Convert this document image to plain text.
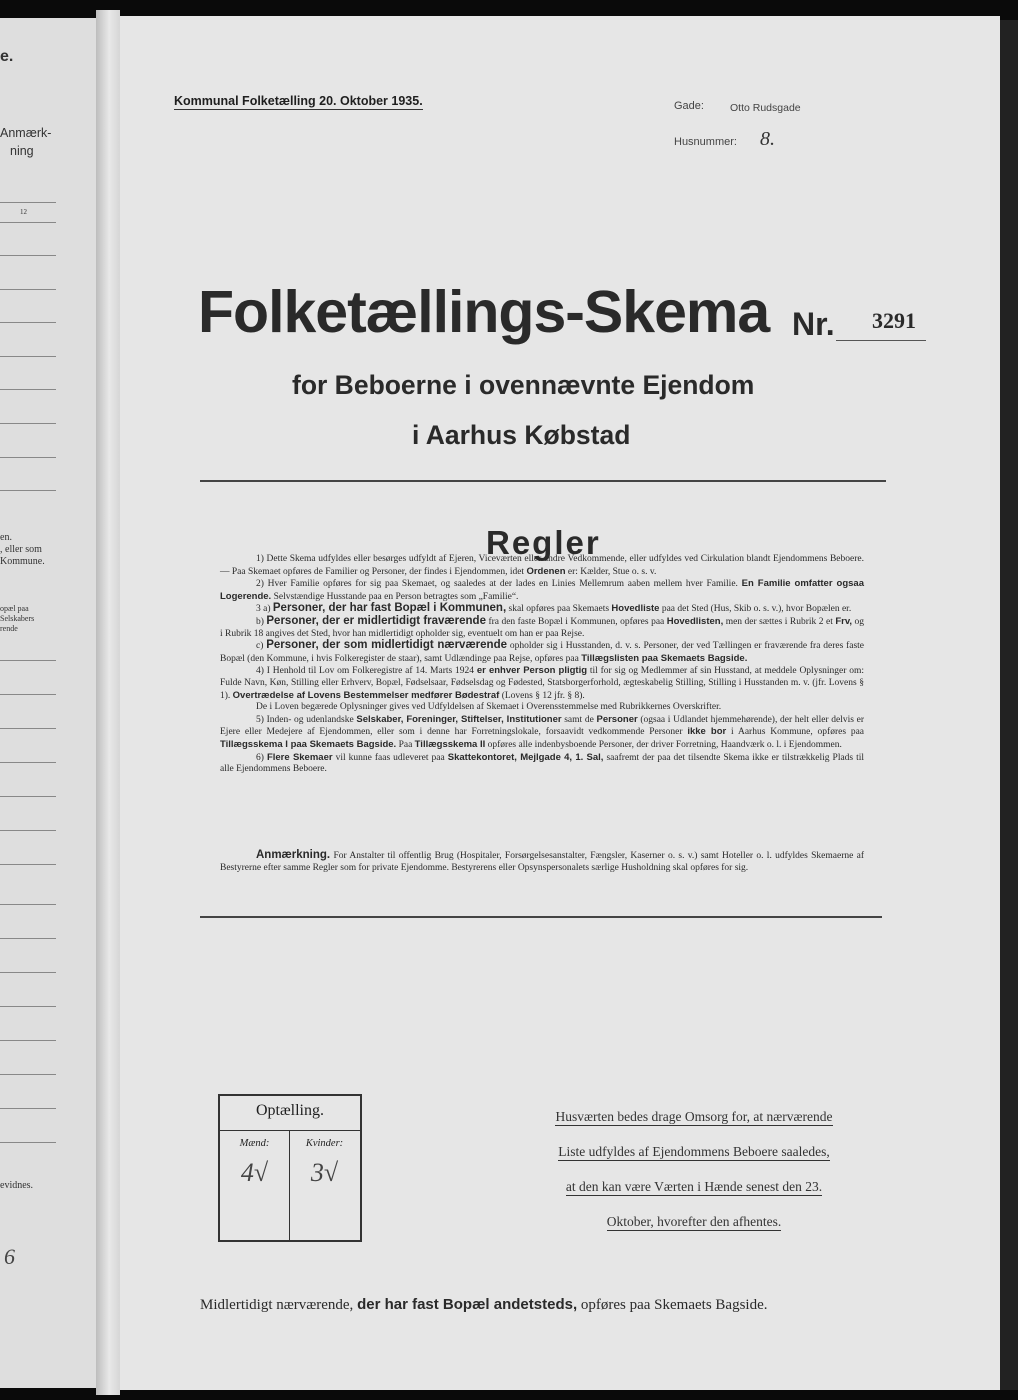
e.
Anmærk-
ning
12
en.
, eller som
Kommune.
opæl paa
Selskabers
rende
evidnes.
6
Kommunal Folketælling 20. Oktober 1935.	Gade: Otto Rudsgade
Husnummer: 8.
Folketællings-Skema Nr. 3291
for Beboerne i ovennævnte Ejendom
i Aarhus Købstad
Regler

1) Dette Skema udfyldes eller besørges udfyldt af Ejeren, Viceværten eller andre Vedkommende, eller udfyldes ved Cirkulation blandt Ejendommens Beboere. — Paa Skemaet opføres de Familier og Personer, der findes i Ejendommen, idet Ordenen er: Kælder, Stue o. s. v.

2) Hver Familie opføres for sig paa Skemaet, og saaledes at der lades en Linies Mellemrum aaben mellem hver Familie. En Familie omfatter ogsaa Logerende. Selvstændige Husstande paa en Person betragtes som „Familie“.

3 a) Personer, der har fast Bopæl i Kommunen, skal opføres paa Skemaets Hovedliste paa det Sted (Hus, Skib o. s. v.), hvor Bopælen er.

b) Personer, der er midlertidigt fraværende fra den faste Bopæl i Kommunen, opføres paa Hovedlisten, men der sættes i Rubrik 2 et Frv, og i Rubrik 18 angives det Sted, hvor han midlertidigt opholder sig, eventuelt om han er paa Rejse.

c) Personer, der som midlertidigt nærværende opholder sig i Husstanden, d. v. s. Personer, der ved Tællingen er fraværende fra deres faste Bopæl (den Kommune, i hvis Folkeregister de staar), samt Udlændinge paa Rejse, opføres paa Tillægslisten paa Skemaets Bagside.

4) I Henhold til Lov om Folkeregistre af 14. Marts 1924 er enhver Person pligtig til for sig og Medlemmer af sin Husstand, at meddele Oplysninger om: Fulde Navn, Køn, Stilling eller Erhverv, Bopæl, Fødselsaar, Fødselsdag og Fødested, Statsborgerforhold, ægteskabelig Stilling, Stilling i Husstanden m. v. (jfr. Lovens § 1). Overtrædelse af Lovens Bestemmelser medfører Bødestraf (Lovens § 12 jfr. § 8).

De i Loven begærede Oplysninger gives ved Udfyldelsen af Skemaet i Overensstemmelse med Rubrikkernes Overskrifter.

5) Inden- og udenlandske Selskaber, Foreninger, Stiftelser, Institutioner samt de Personer (ogsaa i Udlandet hjemmehørende), der helt eller delvis er Ejere eller Medejere af Ejendommen, eller som i denne har Forretningslokale, forsaavidt vedkommende Personer ikke bor i Aarhus Kommune, opføres paa Tillægsskema I paa Skemaets Bagside. Paa Tillægsskema II opføres alle indenbysboende Personer, der driver Forretning, Haandværk o. l. i Ejendommen.

6) Flere Skemaer vil kunne faas udleveret paa Skattekontoret, Mejlgade 4, 1. Sal, saafremt der paa det tilsendte Skema ikke er tilstrækkelig Plads til alle Ejendommens Beboere.

Anmærkning. For Anstalter til offentlig Brug (Hospitaler, Forsørgelsesanstalter, Fængsler, Kaserner o. s. v.) samt Hoteller o. l. udfyldes Skemaerne af Bestyrerne efter samme Regler som for private Ejendomme. Bestyrerens eller Opsynspersonalets særlige Husholdning skal opføres for sig.

Optælling.
Mænd:	Kvinder:
4√	3√
Husværten bedes drage Omsorg for, at nærværende
Liste udfyldes af Ejendommens Beboere saaledes,
at den kan være Værten i Hænde senest den 23.
Oktober, hvorefter den afhentes.
Midlertidigt nærværende, der har fast Bopæl andetsteds, opføres paa Skemaets Bagside.
